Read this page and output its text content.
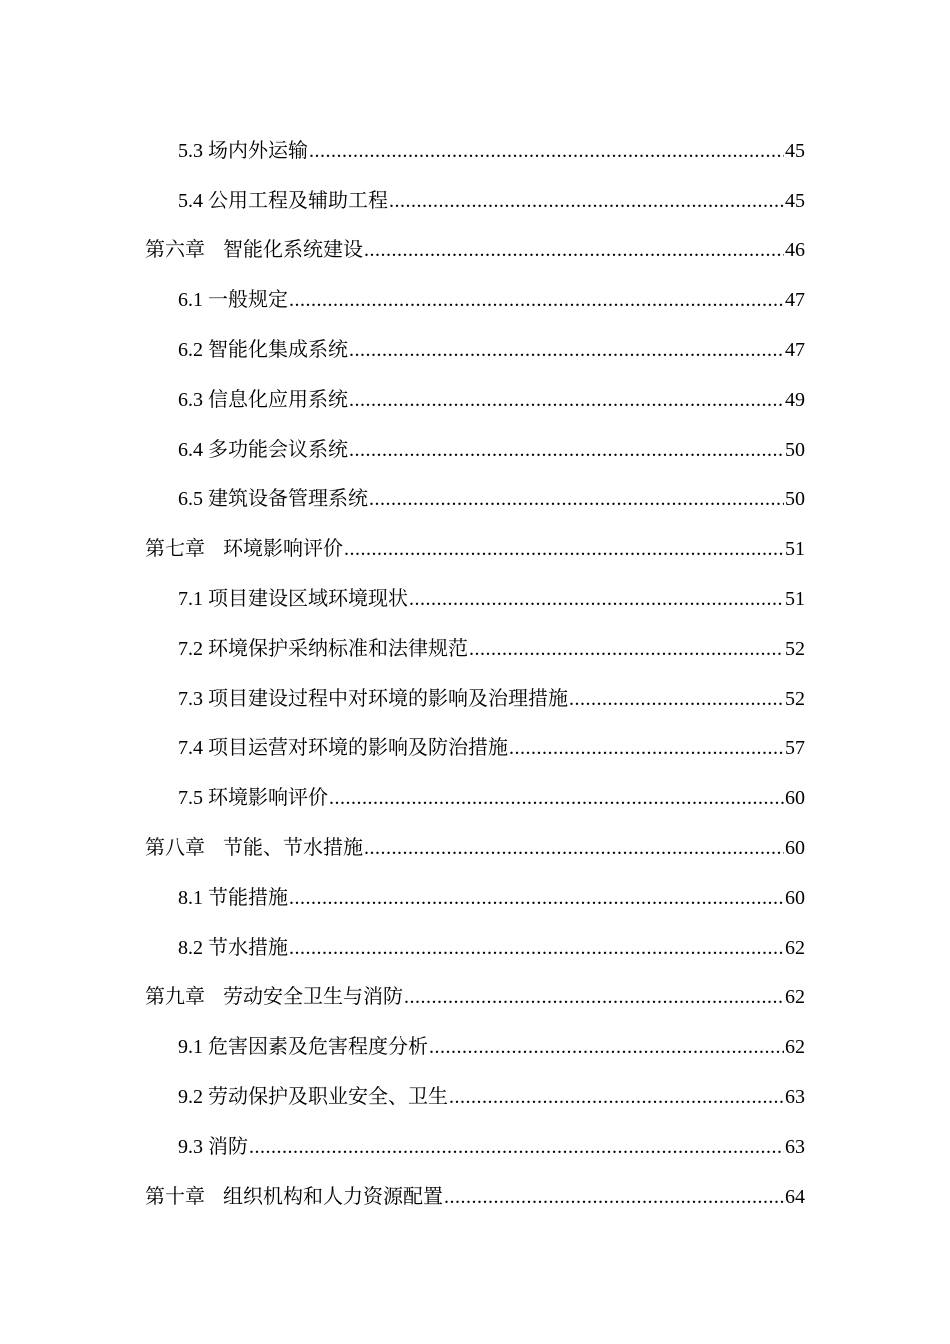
5.3 场内外运输 .....	45
5.4 公用工程及辅助工程 .....	45
第六章 智能化系统建设 .....	46
6.1 一般规定 .....	47
6.2 智能化集成系统 .....	47
6.3 信息化应用系统 .....	49
6.4 多功能会议系统 .....	50
6.5 建筑设备管理系统 .....	50
第七章 环境影响评价 .....	51
7.1 项目建设区域环境现状 .....	51
7.2 环境保护采纳标准和法律规范 .....	52
7.3 项目建设过程中对环境的影响及治理措施 .....	52
7.4 项目运营对环境的影响及防治措施 .....	57
7.5 环境影响评价 .....	60
第八章 节能、节水措施 .....	60
8.1 节能措施 .....	60
8.2 节水措施 .....	62
第九章 劳动安全卫生与消防 .....	62
9.1 危害因素及危害程度分析 .....	62
9.2 劳动保护及职业安全、卫生 .....	63
9.3 消防 .....	63
第十章 组织机构和人力资源配置 .....	64
